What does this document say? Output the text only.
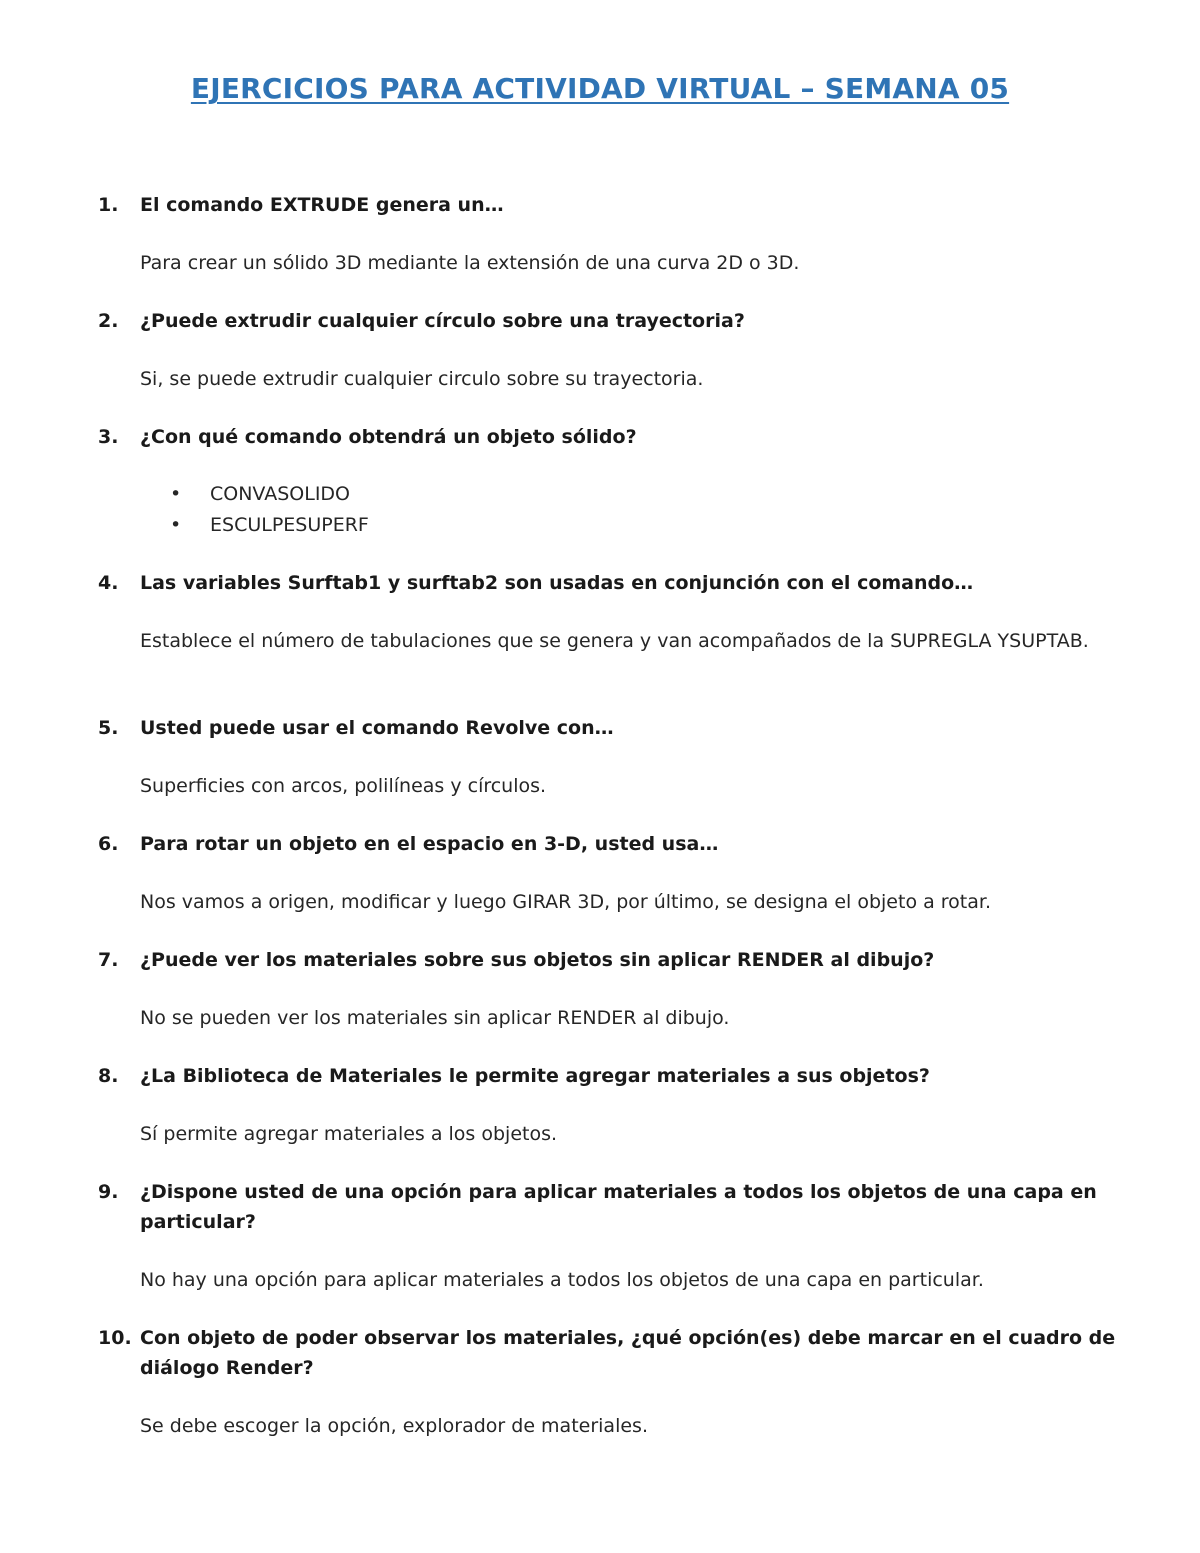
EJERCICIOS PARA ACTIVIDAD VIRTUAL – SEMANA 05
1. El comando EXTRUDE genera un…
Para crear un sólido 3D mediante la extensión de una curva 2D o 3D.
2. ¿Puede extrudir cualquier círculo sobre una trayectoria?
Si, se puede extrudir cualquier circulo sobre su trayectoria.
3. ¿Con qué comando obtendrá un objeto sólido?
• CONVASOLIDO
• ESCULPESUPERF
4. Las variables Surftab1 y surftab2 son usadas en conjunción con el comando…
Establece el número de tabulaciones que se genera y van acompañados de la SUPREGLA YSUPTAB.
5. Usted puede usar el comando Revolve con…
Superficies con arcos, polilíneas y círculos.
6. Para rotar un objeto en el espacio en 3-D, usted usa…
Nos vamos a origen, modificar y luego GIRAR 3D, por último, se designa el objeto a rotar.
7. ¿Puede ver los materiales sobre sus objetos sin aplicar RENDER al dibujo?
No se pueden ver los materiales sin aplicar RENDER al dibujo.
8. ¿La Biblioteca de Materiales le permite agregar materiales a sus objetos?
Sí permite agregar materiales a los objetos.
9. ¿Dispone usted de una opción para aplicar materiales a todos los objetos de una capa en particular?
No hay una opción para aplicar materiales a todos los objetos de una capa en particular.
10. Con objeto de poder observar los materiales, ¿qué opción(es) debe marcar en el cuadro de diálogo Render?
Se debe escoger la opción, explorador de materiales.
